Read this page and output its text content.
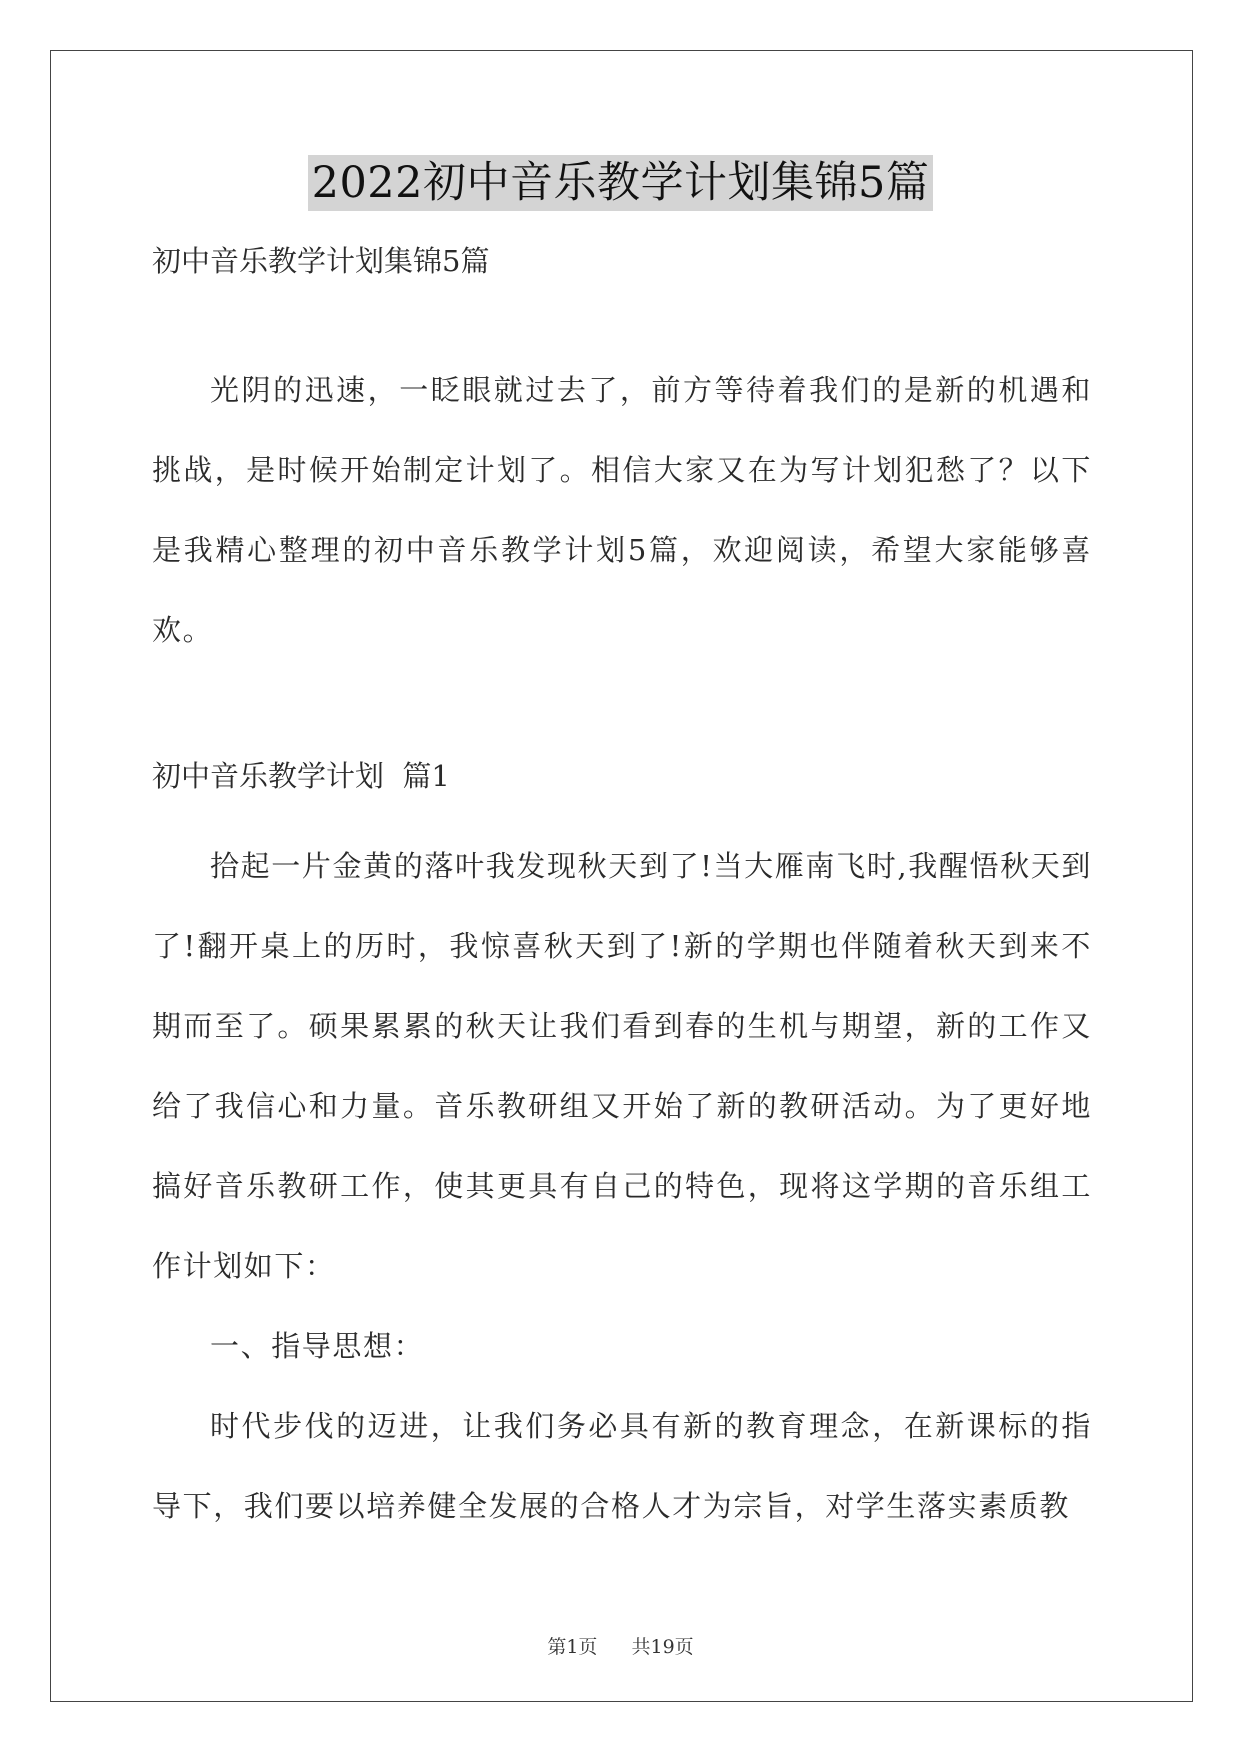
2022初中音乐教学计划集锦5篇
初中音乐教学计划集锦5篇

光阴的迅速，一眨眼就过去了，前方等待着我们的是新的机遇和挑战，是时候开始制定计划了。相信大家又在为写计划犯愁了？以下是我精心整理的初中音乐教学计划5篇，欢迎阅读，希望大家能够喜欢。

初中音乐教学计划  篇1

拾起一片金黄的落叶我发现秋天到了!当大雁南飞时,我醒悟秋天到了!翻开桌上的历时，我惊喜秋天到了!新的学期也伴随着秋天到来不期而至了。硕果累累的秋天让我们看到春的生机与期望，新的工作又给了我信心和力量。音乐教研组又开始了新的教研活动。为了更好地搞好音乐教研工作，使其更具有自己的特色，现将这学期的音乐组工作计划如下：

一、指导思想：

时代步伐的迈进，让我们务必具有新的教育理念，在新课标的指导下，我们要以培养健全发展的合格人才为宗旨，对学生落实素质教

第1页 共19页
